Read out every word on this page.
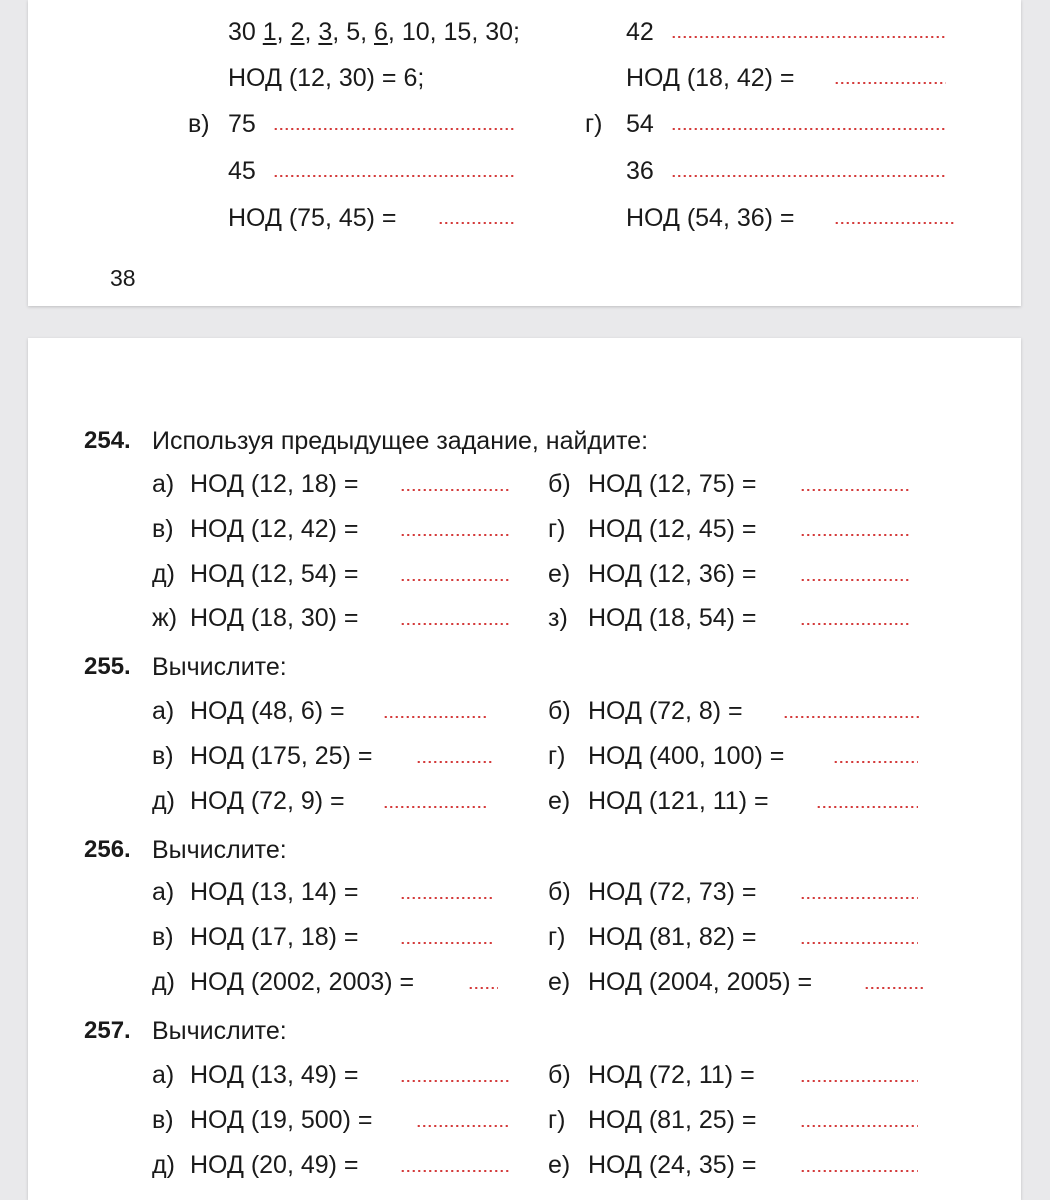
30 1, 2, 3, 5, 6, 10, 15, 30;	42
НОД (12, 30) = 6;	НОД (18, 42) =
в) 75	г) 54
45	36
НОД (75, 45) =	НОД (54, 36) =
38
254. Используя предыдущее задание, найдите:
а) НОД (12, 18) =	б) НОД (12, 75) =
в) НОД (12, 42) =	г) НОД (12, 45) =
д) НОД (12, 54) =	е) НОД (12, 36) =
ж) НОД (18, 30) =	з) НОД (18, 54) =
255. Вычислите:
а) НОД (48, 6) =	б) НОД (72, 8) =
в) НОД (175, 25) =	г) НОД (400, 100) =
д) НОД (72, 9) =	е) НОД (121, 11) =
256. Вычислите:
а) НОД (13, 14) =	б) НОД (72, 73) =
в) НОД (17, 18) =	г) НОД (81, 82) =
д) НОД (2002, 2003) =	е) НОД (2004, 2005) =
257. Вычислите:
а) НОД (13, 49) =	б) НОД (72, 11) =
в) НОД (19, 500) =	г) НОД (81, 25) =
д) НОД (20, 49) =	е) НОД (24, 35) =
